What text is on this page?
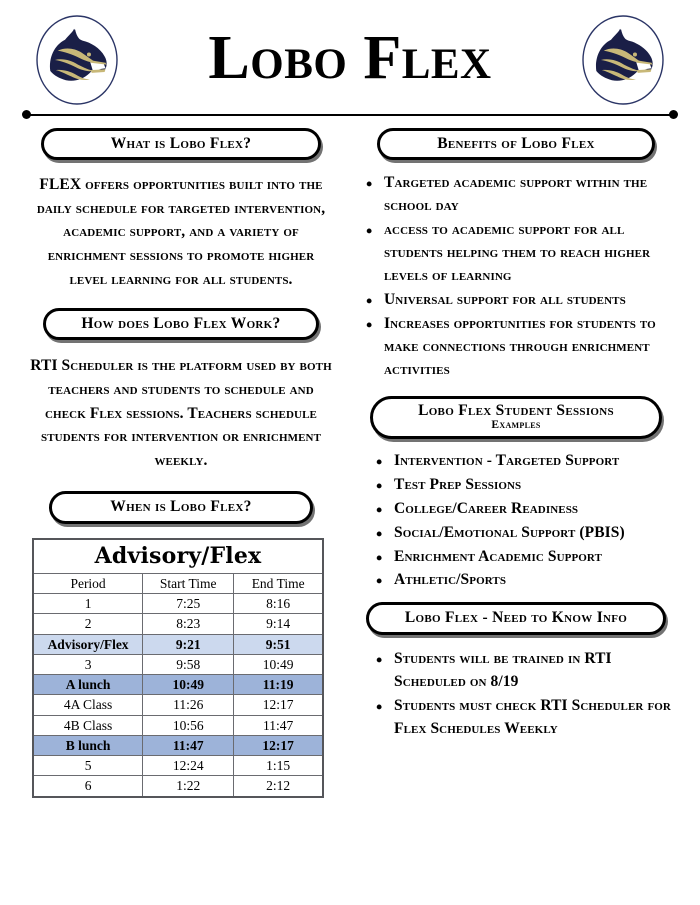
Lobo Flex
What is Lobo Flex?
FLEX offers opportunities built into the daily schedule for targeted intervention, academic support, and a variety of enrichment sessions to promote higher level learning for all students.
How does Lobo Flex Work?
RTI Scheduler is the platform used by both teachers and students to schedule and check Flex sessions. Teachers schedule students for intervention or enrichment weekly.
When is Lobo Flex?
Advisory/Flex		
Period	Start Time	End Time
1	7:25	8:16
2	8:23	9:14
Advisory/Flex	9:21	9:51
3	9:58	10:49
A lunch	10:49	11:19
4A Class	11:26	12:17
4B Class	10:56	11:47
B lunch	11:47	12:17
5	12:24	1:15
6	1:22	2:12
Benefits of Lobo Flex
• Targeted academic support within the school day
• access to academic support for all students helping them to reach higher levels of learning
• Universal support for all students
• Increases opportunities for students to make connections through enrichment activities
Lobo Flex Student Sessions
Examples
• Intervention - Targeted Support
• Test Prep Sessions
• College/Career Readiness
• Social/Emotional Support (PBIS)
• Enrichment Academic Support
• Athletic/Sports
Lobo Flex - Need to Know Info
• Students will be trained in RTI Scheduled on 8/19
• Students must check RTI Scheduler for Flex Schedules Weekly
